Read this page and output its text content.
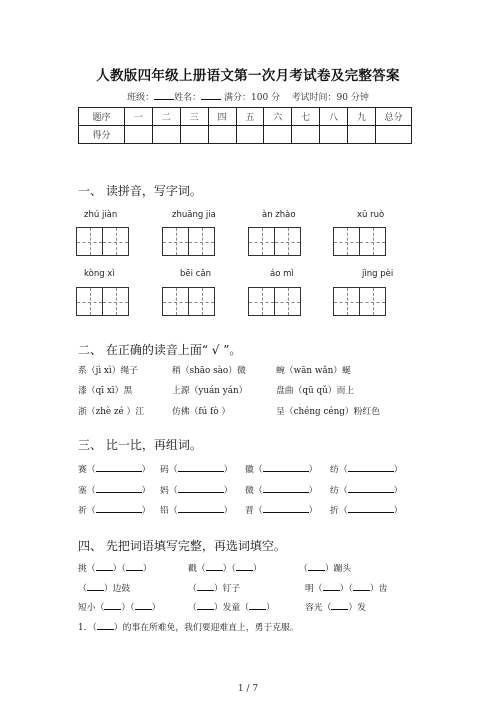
人教版四年级上册语文第一次月考试卷及完整答案
班级： 姓名：	满分：100 分 考试时间：90 分钟
题序	一	二	三	四	五	六	七	八	九	总分
得分										
一、 读拼音，写字词。
zhú jiàn	zhuāng jia	àn zhào	xū ruò
kòng xì	bēi cǎn	áo mì	jìng pèi
二、 在正确的读音上面“ √ ”。
系（jì xì）绳子	稍（shāo sào）微	蜿（wān wǎn）蜒
漆（qī xī）黑	上源（yuán yán）	盘曲（qū qǔ）而上
浙（zhè zé ）江	仿佛（fú fò ）	呈（chéng céng）粉红色
三、 比一比，再组词。
赛（	） 码（	） 徽（	） 纺（	）
塞（	） 妈（	） 微（	） 纺（	）
祈（	） 铅（	） 晋（	） 折（	）
四、 先把词语填写完整，再选词填空。
挑（ ）（ ）	戳（ ）（ ）	（ ）蹦头
（ ）边鼓	（ ）钉子	明（ ）（ ）齿
短小（ ）（ ）	（ ）发童（ ）	容光（ ）发
1．（ ）的事在所难免，我们要迎难直上，勇于克服。
1 / 7
